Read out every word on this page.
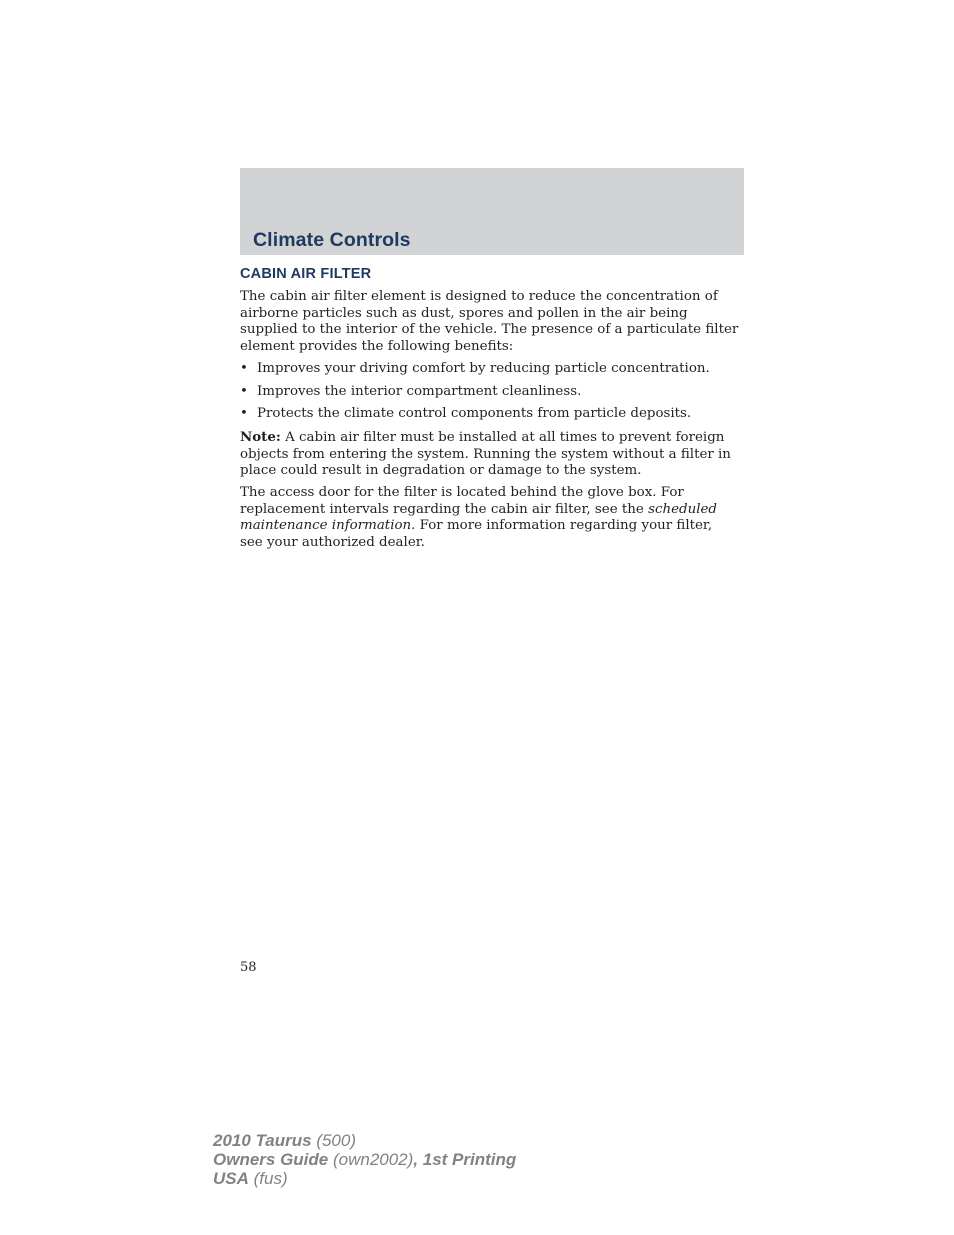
Climate Controls
CABIN AIR FILTER

The cabin air filter element is designed to reduce the concentration of
airborne particles such as dust, spores and pollen in the air being
supplied to the interior of the vehicle. The presence of a particulate filter
element provides the following benefits:

• Improves your driving comfort by reducing particle concentration.
• Improves the interior compartment cleanliness.
• Protects the climate control components from particle deposits.

Note: A cabin air filter must be installed at all times to prevent foreign
objects from entering the system. Running the system without a filter in
place could result in degradation or damage to the system.

The access door for the filter is located behind the glove box. For
replacement intervals regarding the cabin air filter, see the scheduled
maintenance information. For more information regarding your filter,
see your authorized dealer.

58
2010 Taurus (500)
Owners Guide (own2002), 1st Printing
USA (fus)
